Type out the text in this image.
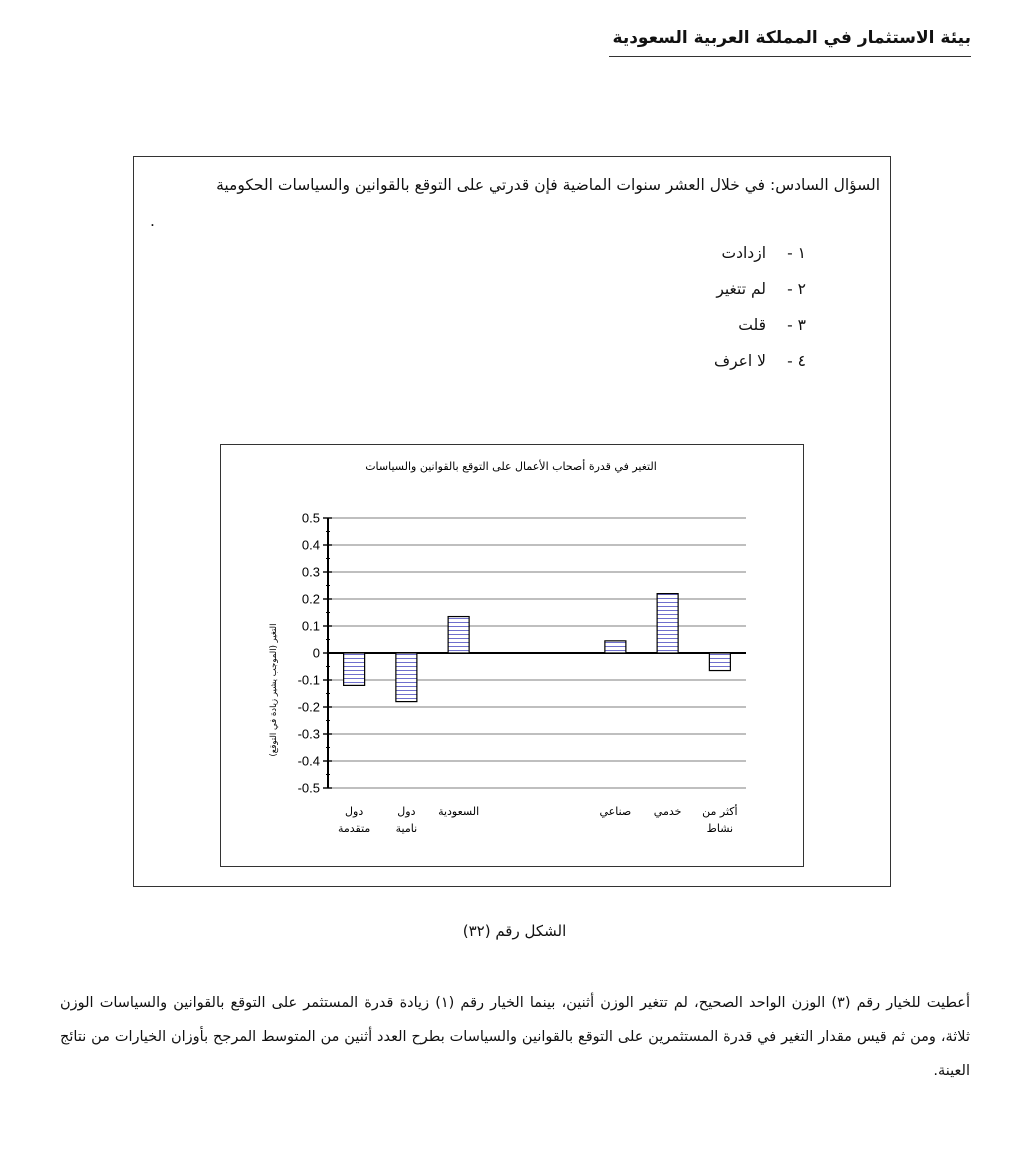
بيئة الاستثمار في المملكة العربية السعودية
السؤال السادس: في خلال العشر سنوات الماضية فإن قدرتي على التوقع بالقوانين والسياسات الحكومية
.
١ -ازدادت
٢ -لم تتغير
٣ -قلت
٤ -لا اعرف
التغير في قدرة أصحاب الأعمال على التوقع بالقوانين والسياسات
التغير (الموجب يشير زيادة في التوقع)
0.5
0.4
0.3
0.2
0.1
0
-0.1
-0.2
-0.3
-0.4
-0.5
دول
متقدمة
دول
نامية
السعودية	صناعي خدمي أكثر من
نشاط
الشكل رقم (٣٢)
أعطيت للخيار رقم (٣) الوزن الواحد الصحيح، لم تتغير الوزن أثنين، بينما الخيار رقم (١) زيادة قدرة المستثمر على التوقع بالقوانين والسياسات الوزن ثلاثة، ومن ثم قيس مقدار التغير في قدرة المستثمرين على التوقع بالقوانين والسياسات بطرح العدد أثنين من المتوسط المرجح بأوزان الخيارات من نتائج العينة.
